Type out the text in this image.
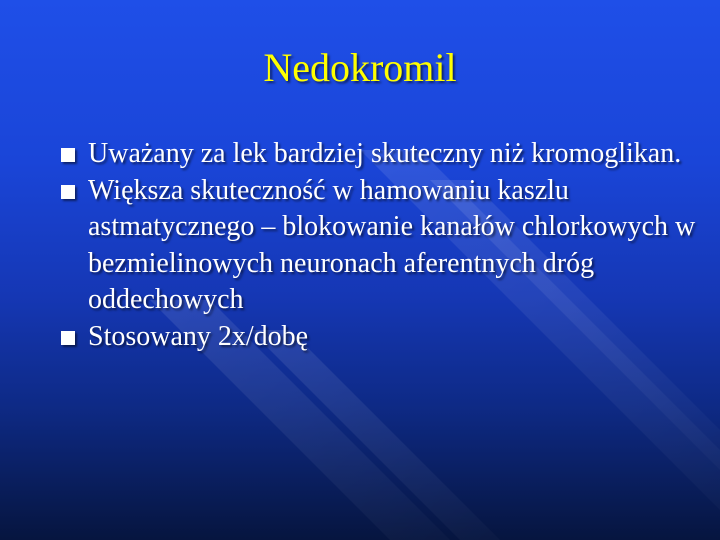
Nedokromil
Uważany za lek bardziej skuteczny niż kromoglikan.
Większa skuteczność w hamowaniu kaszlu astmatycznego – blokowanie kanałów chlorkowych w bezmielinowych neuronach aferentnych dróg oddechowych
Stosowany 2x/dobę
